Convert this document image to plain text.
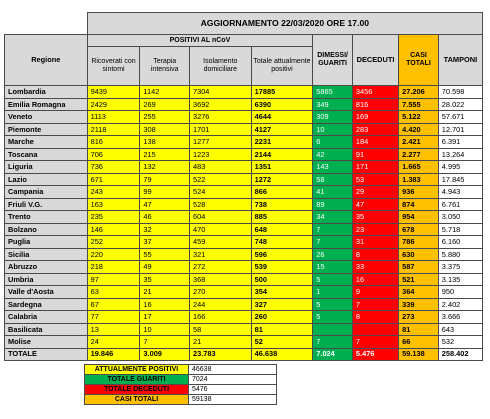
	AGGIORNAMENTO 22/03/2020 ORE 17.00							
Regione	POSITIVI AL nCoV				DIMESSI/ GUARITI	DECEDUTI	CASI TOTALI	TAMPONI
	Ricoverati con sintomi	Terapia intensiva	Isolamento domiciliare	Totale attualmente positivi				
Lombardia	9439	1142	7304	17885	5865	3456	27.206	70.598
Emilia Romagna	2429	269	3692	6390	349	816	7.555	28.022
Veneto	1113	255	3276	4644	309	169	5.122	57.671
Piemonte	2118	308	1701	4127	10	283	4.420	12.701
Marche	816	138	1277	2231	6	184	2.421	6.391
Toscana	706	215	1223	2144	42	91	2.277	13.264
Liguria	736	132	483	1351	143	171	1.665	4.995
Lazio	671	79	522	1272	58	53	1.383	17.845
Campania	243	99	524	866	41	29	936	4.943
Friuli V.G.	163	47	528	738	89	47	874	6.761
Trento	235	46	604	885	34	35	954	3.050
Bolzano	146	32	470	648	7	23	678	5.718
Puglia	252	37	459	748	7	31	786	6.160
Sicilia	220	55	321	596	26	8	630	5.880
Abruzzo	218	49	272	539	15	33	587	3.375
Umbria	97	35	368	500	5	16	521	3.135
Valle d'Aosta	63	21	270	354	1	9	364	950
Sardegna	67	16	244	327	5	7	339	2.402
Calabria	77	17	166	260	5	8	273	3.666
Basilicata	13	10	58	81			81	643
Molise	24	7	21	52	7	7	66	532
TOTALE	19.846	3.009	23.783	46.638	7.024	5.476	59.138	258.402
ATTUALMENTE POSITIVI	46638
TOTALE GUARITI	7024
TOTALE DECEDUTI	5476
CASI TOTALI	59138
